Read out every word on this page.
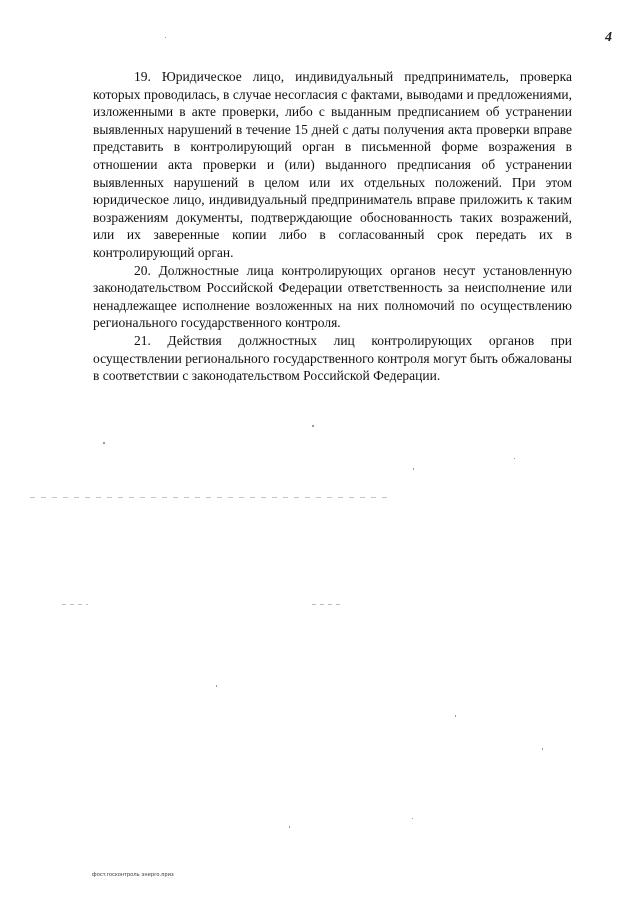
4

19. Юридическое лицо, индивидуальный предприниматель, проверка которых проводилась, в случае несогласия с фактами, выводами и предложениями, изложенными в акте проверки, либо с выданным предписанием об устранении выявленных нарушений в течение 15 дней с даты получения акта проверки вправе представить в контролирующий орган в письменной форме возражения в отношении акта проверки и (или) выданного предписания об устранении выявленных нарушений в целом или их отдельных положений. При этом юридическое лицо, индивидуальный предприниматель вправе приложить к таким возражениям документы, подтверждающие обоснованность таких возражений, или их заверенные копии либо в согласованный срок передать их в контролирующий орган.

20. Должностные лица контролирующих органов несут установленную законодательством Российской Федерации ответственность за неисполнение или ненадлежащее исполнение возложенных на них полномочий по осуществлению регионального государственного контроля.

21. Действия должностных лиц контролирующих органов при осуществлении регионального государственного контроля могут быть обжалованы в соответствии с законодательством Российской Федерации.

фост.госконтроль энерго.приз
